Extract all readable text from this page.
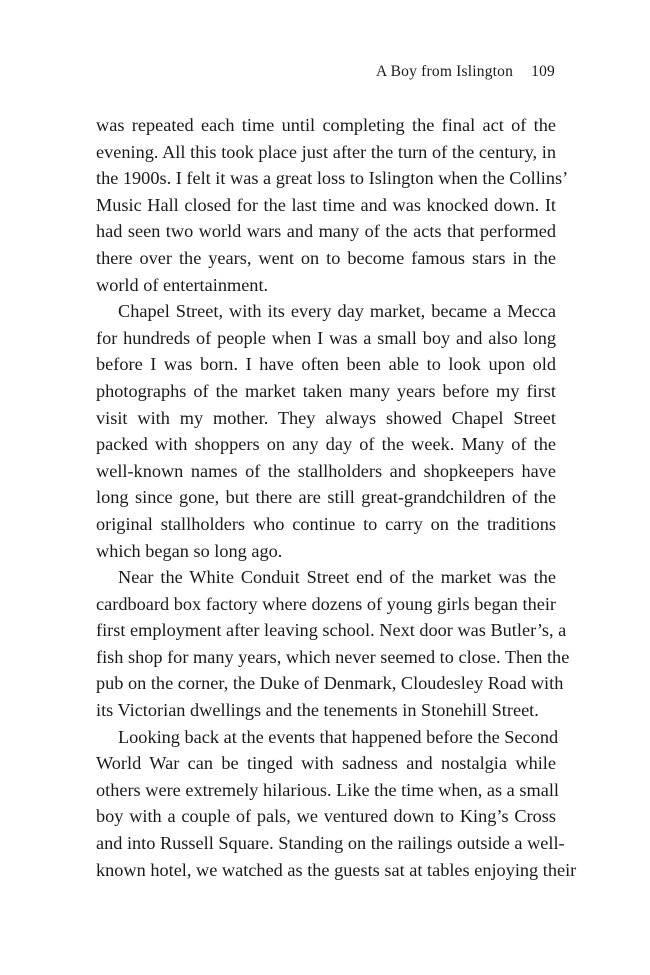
A Boy from Islington 109
was repeated each time until completing the final act of the
evening. All this took place just after the turn of the century, in
the 1900s. I felt it was a great loss to Islington when the Collins’
Music Hall closed for the last time and was knocked down. It
had seen two world wars and many of the acts that performed
there over the years, went on to become famous stars in the
world of entertainment.
Chapel Street, with its every day market, became a Mecca
for hundreds of people when I was a small boy and also long
before I was born. I have often been able to look upon old
photographs of the market taken many years before my first
visit with my mother. They always showed Chapel Street
packed with shoppers on any day of the week. Many of the
well-known names of the stallholders and shopkeepers have
long since gone, but there are still great-grandchildren of the
original stallholders who continue to carry on the traditions
which began so long ago.
Near the White Conduit Street end of the market was the
cardboard box factory where dozens of young girls began their
first employment after leaving school. Next door was Butler’s, a
fish shop for many years, which never seemed to close. Then the
pub on the corner, the Duke of Denmark, Cloudesley Road with
its Victorian dwellings and the tenements in Stonehill Street.
Looking back at the events that happened before the Second
World War can be tinged with sadness and nostalgia while
others were extremely hilarious. Like the time when, as a small
boy with a couple of pals, we ventured down to King’s Cross
and into Russell Square. Standing on the railings outside a well-
known hotel, we watched as the guests sat at tables enjoying their
